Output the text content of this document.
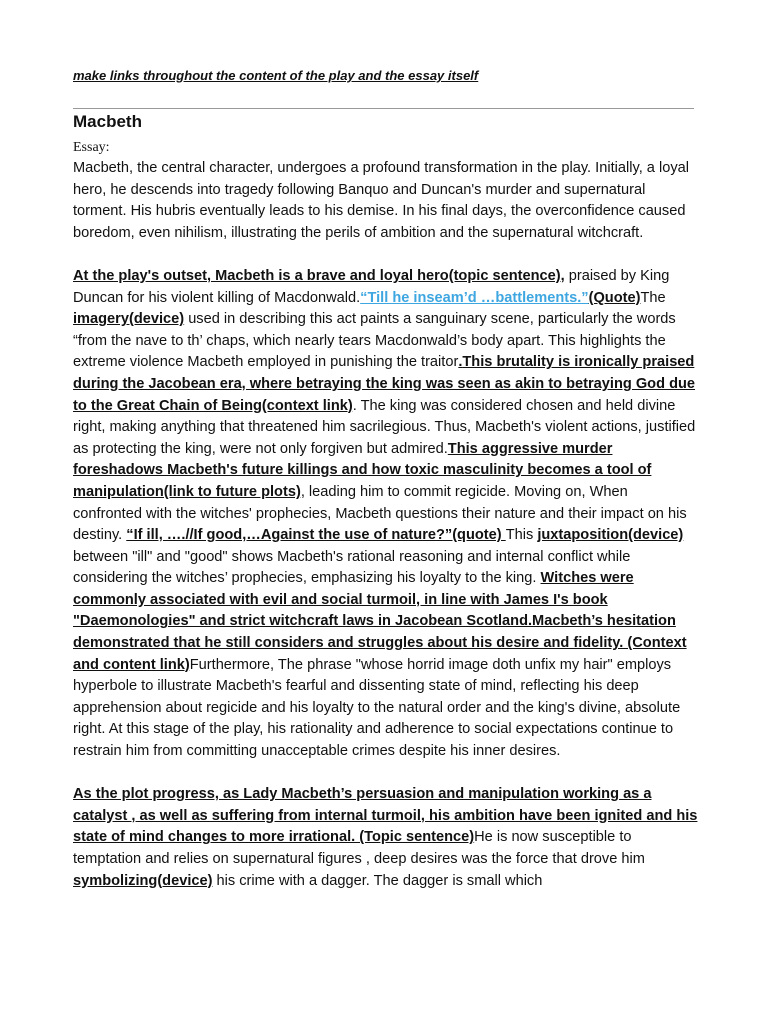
make links throughout the content of the play and the essay itself
Macbeth
Essay:

Macbeth, the central character, undergoes a profound transformation in the play. Initially, a loyal hero, he descends into tragedy following Banquo and Duncan's murder and supernatural torment. His hubris eventually leads to his demise. In his final days, the overconfidence caused boredom, even nihilism, illustrating the perils of ambition and the supernatural witchcraft.

At the play's outset, Macbeth is a brave and loyal hero(topic sentence), praised by King Duncan for his violent killing of Macdonwald.“Till he inseam’d …battlements.”(Quote)The imagery(device) used in describing this act paints a sanguinary scene, particularly the words “from the nave to th’ chaps, which nearly tears Macdonwald’s body apart. This highlights the extreme violence Macbeth employed in punishing the traitor.This brutality is ironically praised during the Jacobean era, where betraying the king was seen as akin to betraying God due to the Great Chain of Being(context link). The king was considered chosen and held divine right, making anything that threatened him sacrilegious. Thus, Macbeth's violent actions, justified as protecting the king, were not only forgiven but admired.This aggressive murder foreshadows Macbeth's future killings and how toxic masculinity becomes a tool of manipulation(link to future plots), leading him to commit regicide. Moving on, When confronted with the witches' prophecies, Macbeth questions their nature and their impact on his destiny. “If ill, ….//If good,…Against the use of nature?”(quote) This juxtaposition(device) between "ill" and "good" shows Macbeth's rational reasoning and internal conflict while considering the witches’ prophecies, emphasizing his loyalty to the king. Witches were commonly associated with evil and social turmoil, in line with James I's book "Daemonologies" and strict witchcraft laws in Jacobean Scotland.Macbeth’s hesitation demonstrated that he still considers and struggles about his desire and fidelity. (Context and content link)Furthermore, The phrase "whose horrid image doth unfix my hair" employs hyperbole to illustrate Macbeth's fearful and dissenting state of mind, reflecting his deep apprehension about regicide and his loyalty to the natural order and the king's divine, absolute right. At this stage of the play, his rationality and adherence to social expectations continue to restrain him from committing unacceptable crimes despite his inner desires.

As the plot progress, as Lady Macbeth’s persuasion and manipulation working as a catalyst , as well as suffering from internal turmoil, his ambition have been ignited and his state of mind changes to more irrational. (Topic sentence)He is now susceptible to temptation and relies on supernatural figures , deep desires was the force that drove him symbolizing(device) his crime with a dagger. The dagger is small which
